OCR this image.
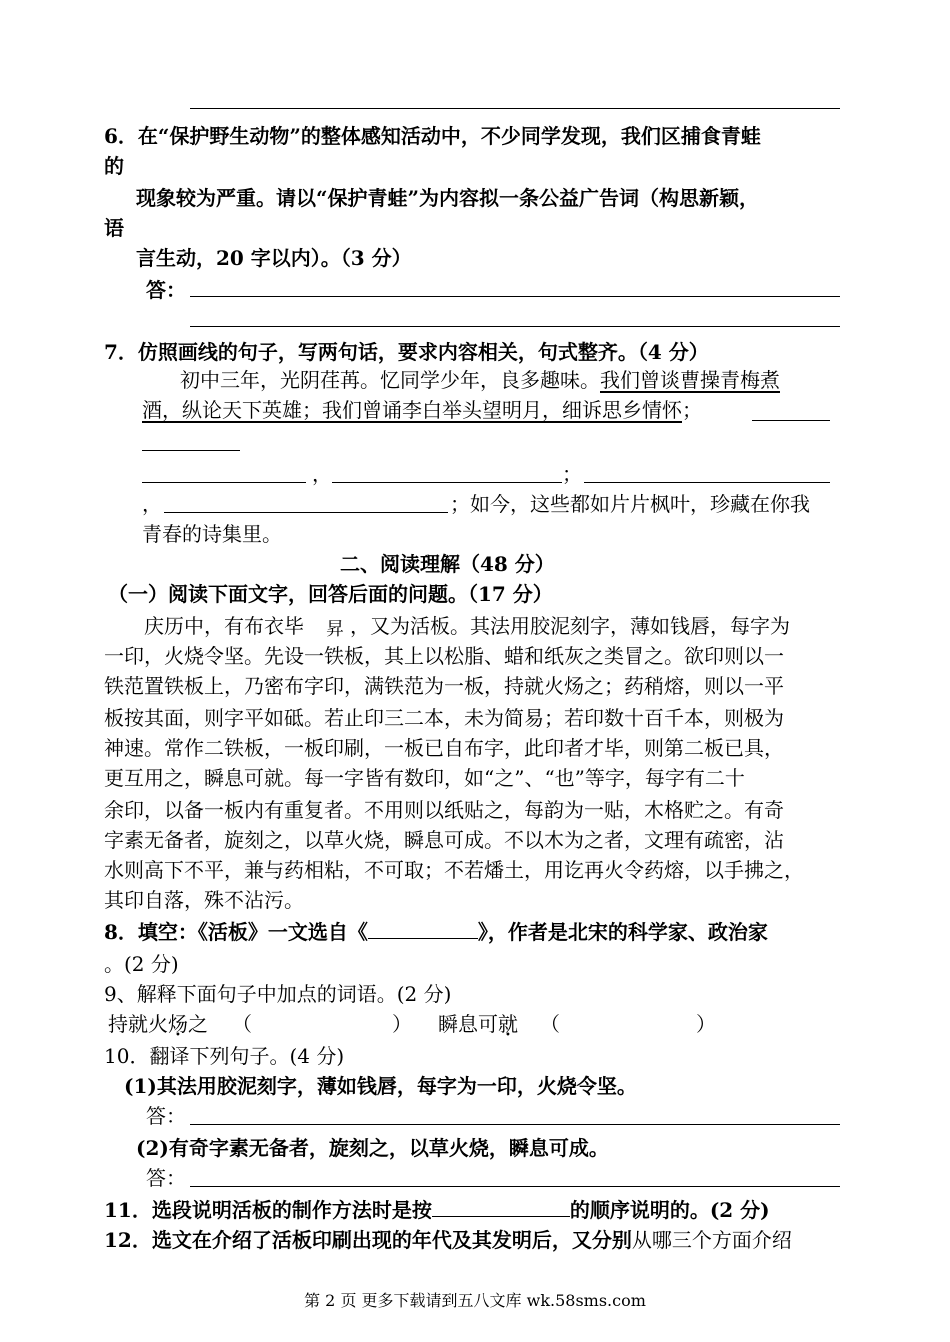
6．在“保护野生动物”的整体感知活动中，不少同学发现，我们区捕食青蛙
的
现象较为严重。请以“保护青蛙”为内容拟一条公益广告词（构思新颖，
语
言生动，20 字以内）。（3 分）
答：
7．仿照画线的句子，写两句话，要求内容相关，句式整齐。（4 分）
初中三年，光阴荏苒。忆同学少年，良多趣味。我们曾谈曹操青梅煮
酒，纵论天下英雄；我们曾诵李白举头望明月，细诉思乡情怀；
，	；
，	；如今，这些都如片片枫叶，珍藏在你我
青春的诗集里。
二、阅读理解（48 分）
（一）阅读下面文字，回答后面的问题。（17 分）
庆历中，有布衣毕 ，又为活板。其法用胶泥刻字，薄如钱唇，每字为
昇
一印，火烧令坚。先设一铁板，其上以松脂、蜡和纸灰之类冒之。欲印则以一
铁范置铁板上，乃密布字印，满铁范为一板，持就火炀之；药稍熔，则以一平
板按其面，则字平如砥。若止印三二本，未为简易；若印数十百千本，则极为
神速。常作二铁板，一板印刷，一板已自布字，此印者才毕，则第二板已具，
更互用之，瞬息可就。每一字皆有数印，如“之”、“也”等字，每字有二十
余印，以备一板内有重复者。不用则以纸贴之，每韵为一贴，木格贮之。有奇
字素无备者，旋刻之，以草火烧，瞬息可成。不以木为之者，文理有疏密，沾
水则高下不平，兼与药相粘，不可取；不若燔土，用讫再火令药熔，以手拂之，
其印自落，殊不沾污。
8．填空：《活板》一文选自《	》，作者是北宋的科学家、政治家
。(2 分)
9、解释下面句子中加点的词语。(2 分)
持就火炀之 （	） 瞬息可就 （	）
10．翻译下列句子。(4 分)
(1)其法用胶泥刻字，薄如钱唇，每字为一印，火烧令坚。
答：
(2)有奇字素无备者，旋刻之，以草火烧，瞬息可成。
答：
11．选段说明活板的制作方法时是按	的顺序说明的。(2 分)
12．选文在介绍了活板印刷出现的年代及其发明后，又分别从哪三个方面介绍
第 2 页 更多下载请到五八文库 wk.58sms.com
